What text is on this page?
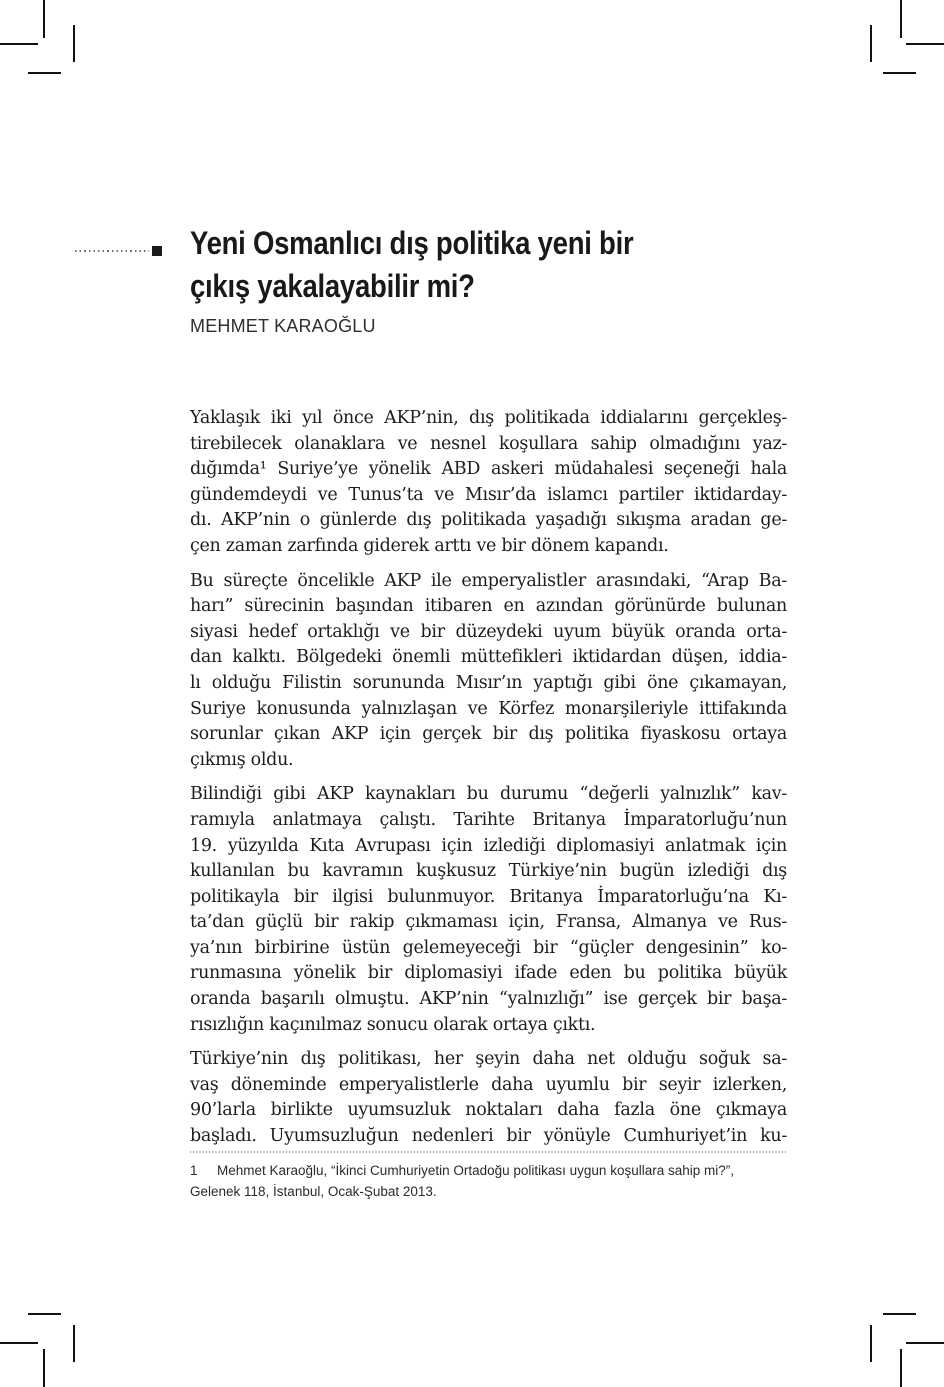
Yeni Osmanlıcı dış politika yeni bir
çıkış yakalayabilir mi?
MEHMET KARAOĞLU
Yaklaşık iki yıl önce AKP’nin, dış politikada iddialarını gerçekleş-
tirebilecek olanaklara ve nesnel koşullara sahip olmadığını yaz-
dığımda¹ Suriye’ye yönelik ABD askeri müdahalesi seçeneği hala
gündemdeydi ve Tunus’ta ve Mısır’da islamcı partiler iktidarday-
dı. AKP’nin o günlerde dış politikada yaşadığı sıkışma aradan ge-
çen zaman zarfında giderek arttı ve bir dönem kapandı.
Bu süreçte öncelikle AKP ile emperyalistler arasındaki, “Arap Ba-
harı” sürecinin başından itibaren en azından görünürde bulunan
siyasi hedef ortaklığı ve bir düzeydeki uyum büyük oranda orta-
dan kalktı. Bölgedeki önemli müttefikleri iktidardan düşen, iddia-
lı olduğu Filistin sorununda Mısır’ın yaptığı gibi öne çıkamayan,
Suriye konusunda yalnızlaşan ve Körfez monarşileriyle ittifakında
sorunlar çıkan AKP için gerçek bir dış politika fiyaskosu ortaya
çıkmış oldu.
Bilindiği gibi AKP kaynakları bu durumu “değerli yalnızlık” kav-
ramıyla anlatmaya çalıştı. Tarihte Britanya İmparatorluğu’nun
19. yüzyılda Kıta Avrupası için izlediği diplomasiyi anlatmak için
kullanılan bu kavramın kuşkusuz Türkiye’nin bugün izlediği dış
politikayla bir ilgisi bulunmuyor. Britanya İmparatorluğu’na Kı-
ta’dan güçlü bir rakip çıkmaması için, Fransa, Almanya ve Rus-
ya’nın birbirine üstün gelemeyeceği bir “güçler dengesinin” ko-
runmasına yönelik bir diplomasiyi ifade eden bu politika büyük
oranda başarılı olmuştu. AKP’nin “yalnızlığı” ise gerçek bir başa-
rısızlığın kaçınılmaz sonucu olarak ortaya çıktı.
Türkiye’nin dış politikası, her şeyin daha net olduğu soğuk sa-
vaş döneminde emperyalistlerle daha uyumlu bir seyir izlerken,
90’larla birlikte uyumsuzluk noktaları daha fazla öne çıkmaya
başladı. Uyumsuzluğun nedenleri bir yönüyle Cumhuriyet’in ku-
1 Mehmet Karaoğlu, “İkinci Cumhuriyetin Ortadoğu politikası uygun koşullara sahip mi?”,
Gelenek 118, İstanbul, Ocak-Şubat 2013.
